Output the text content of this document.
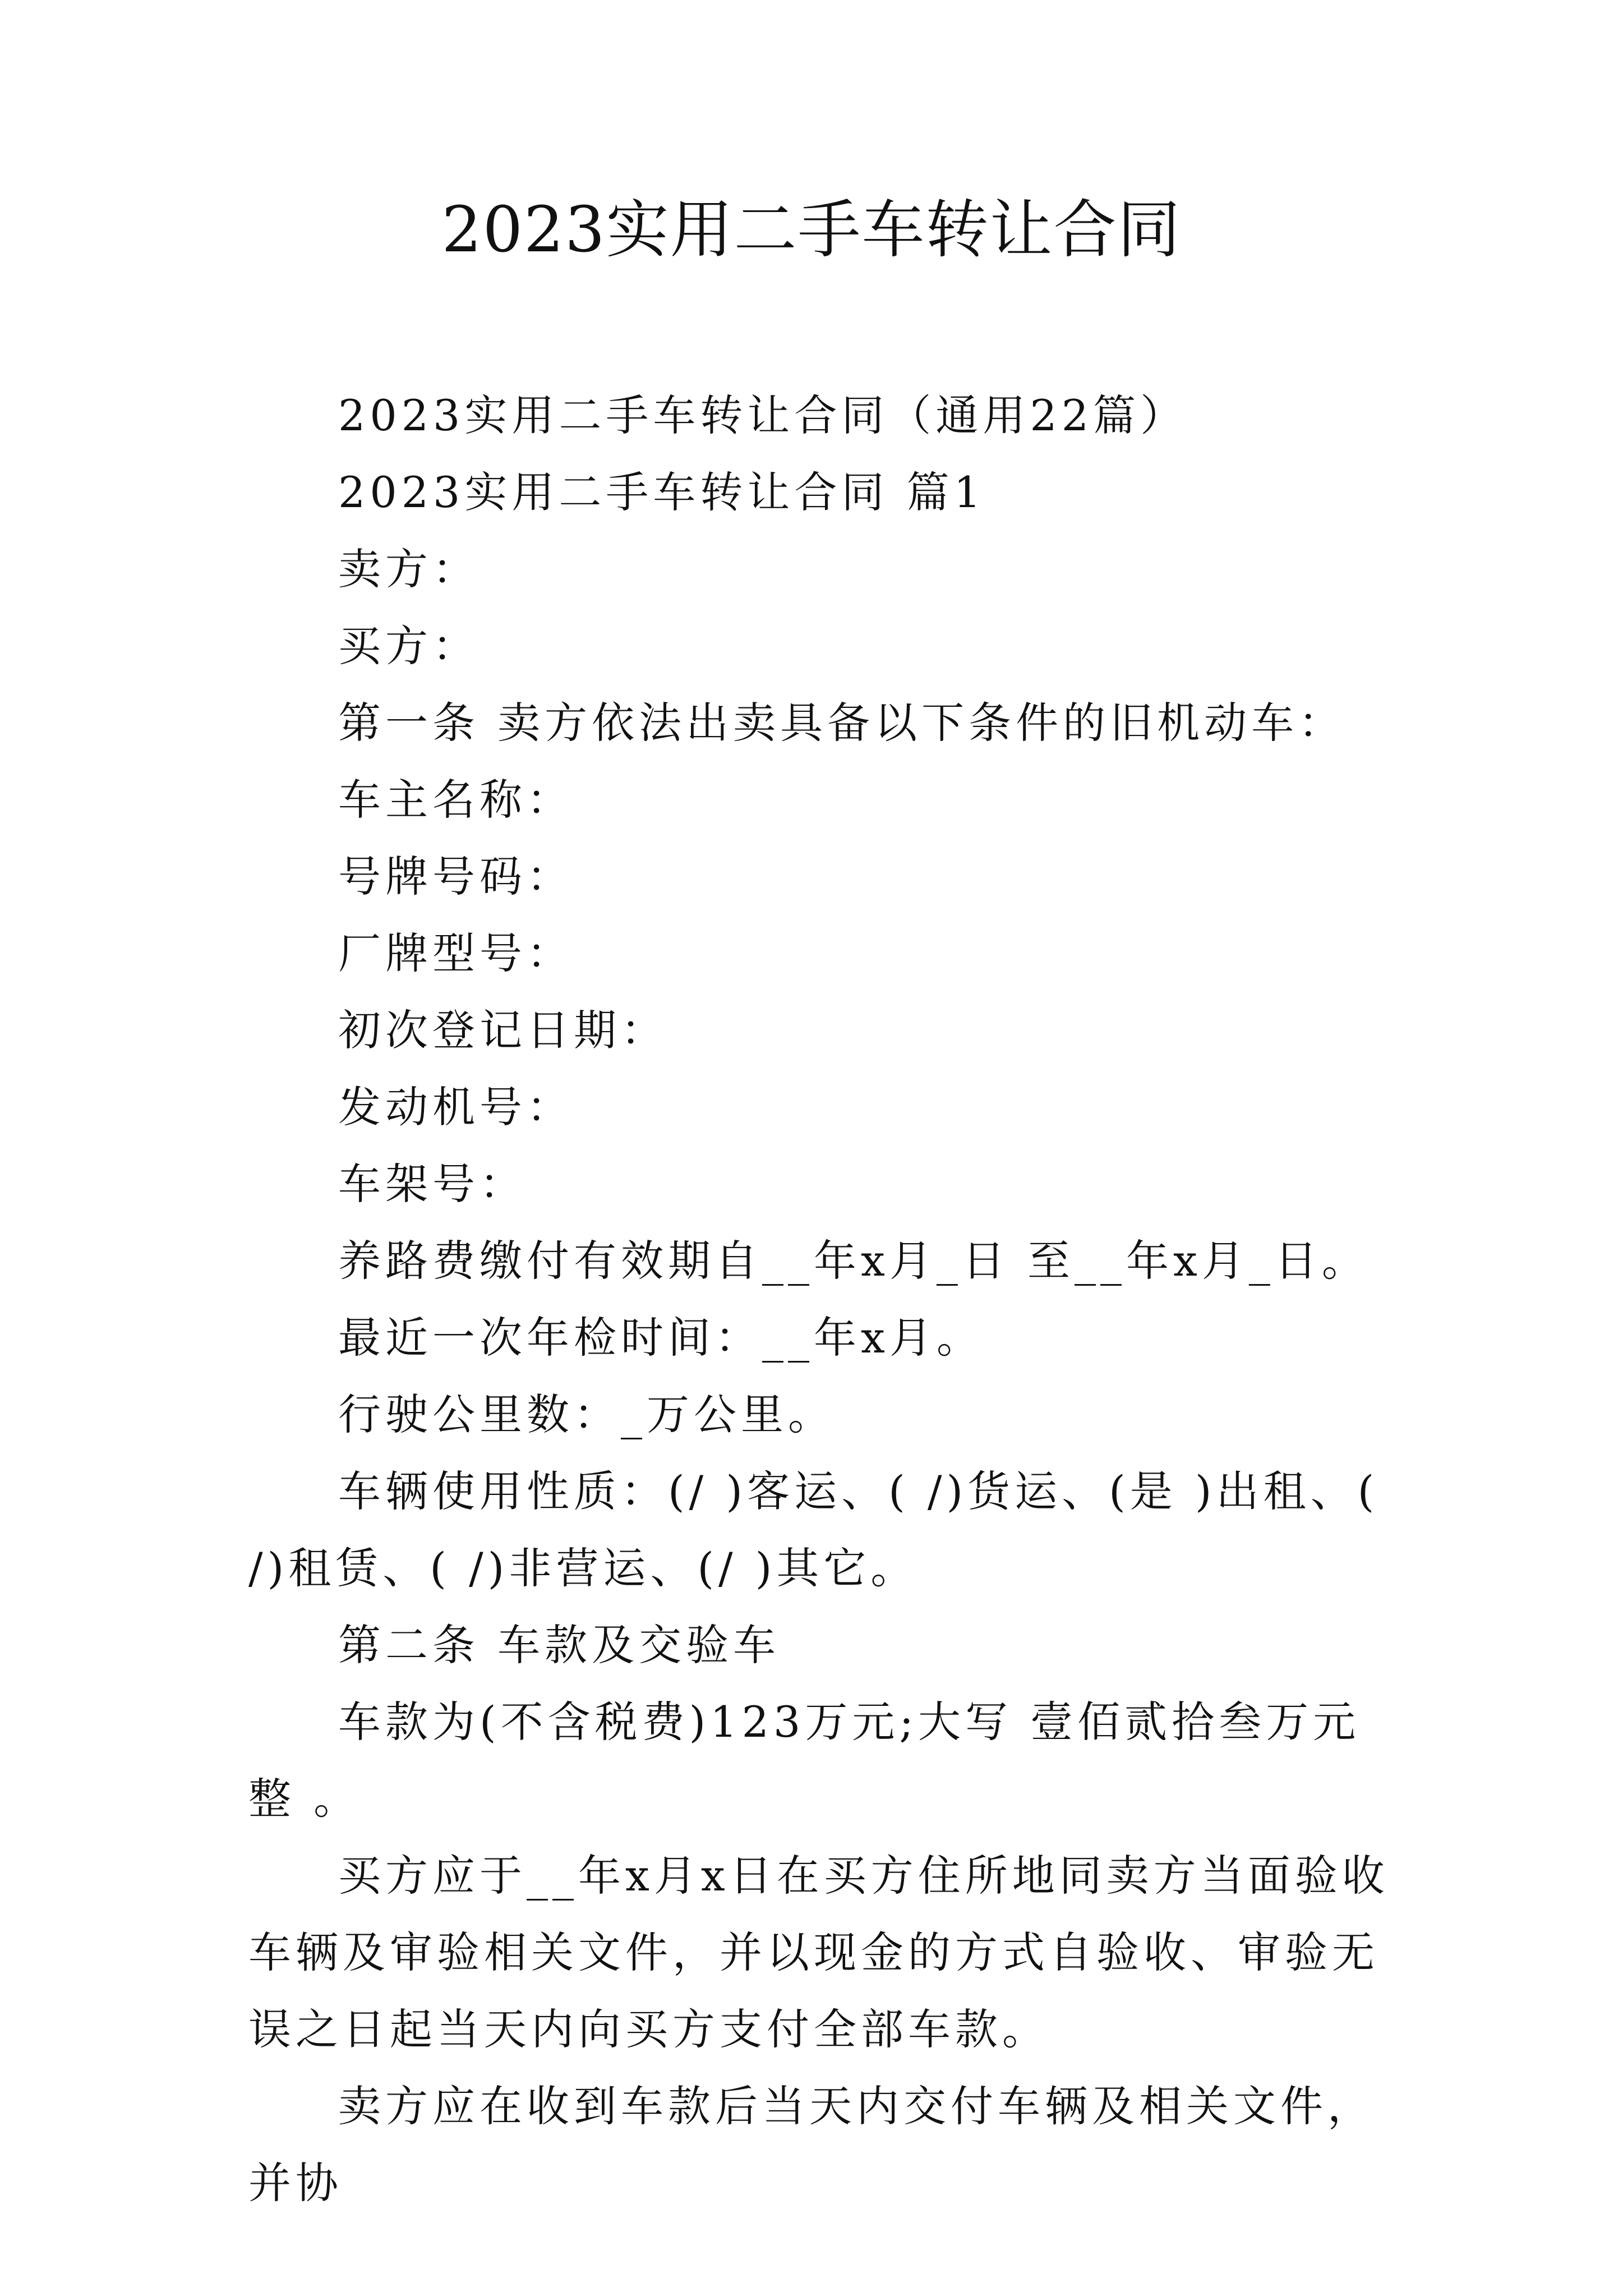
2023实用二手车转让合同

2023实用二手车转让合同（通用22篇）

2023实用二手车转让合同 篇1

卖方：

买方：

第一条 卖方依法出卖具备以下条件的旧机动车：

车主名称：

号牌号码：

厂牌型号：

初次登记日期：

发动机号：

车架号：

养路费缴付有效期自__年x月_日 至__年x月_日。

最近一次年检时间：__年x月。

行驶公里数：_万公里。

车辆使用性质：(/ )客运、( /)货运、(是 )出租、( /)租赁、( /)非营运、(/ )其它。

第二条 车款及交验车

车款为(不含税费)123万元;大写 壹佰贰拾叁万元整 。

买方应于__年x月x日在买方住所地同卖方当面验收车辆及审验相关文件，并以现金的方式自验收、审验无误之日起当天内向买方支付全部车款。

卖方应在收到车款后当天内交付车辆及相关文件，并协
